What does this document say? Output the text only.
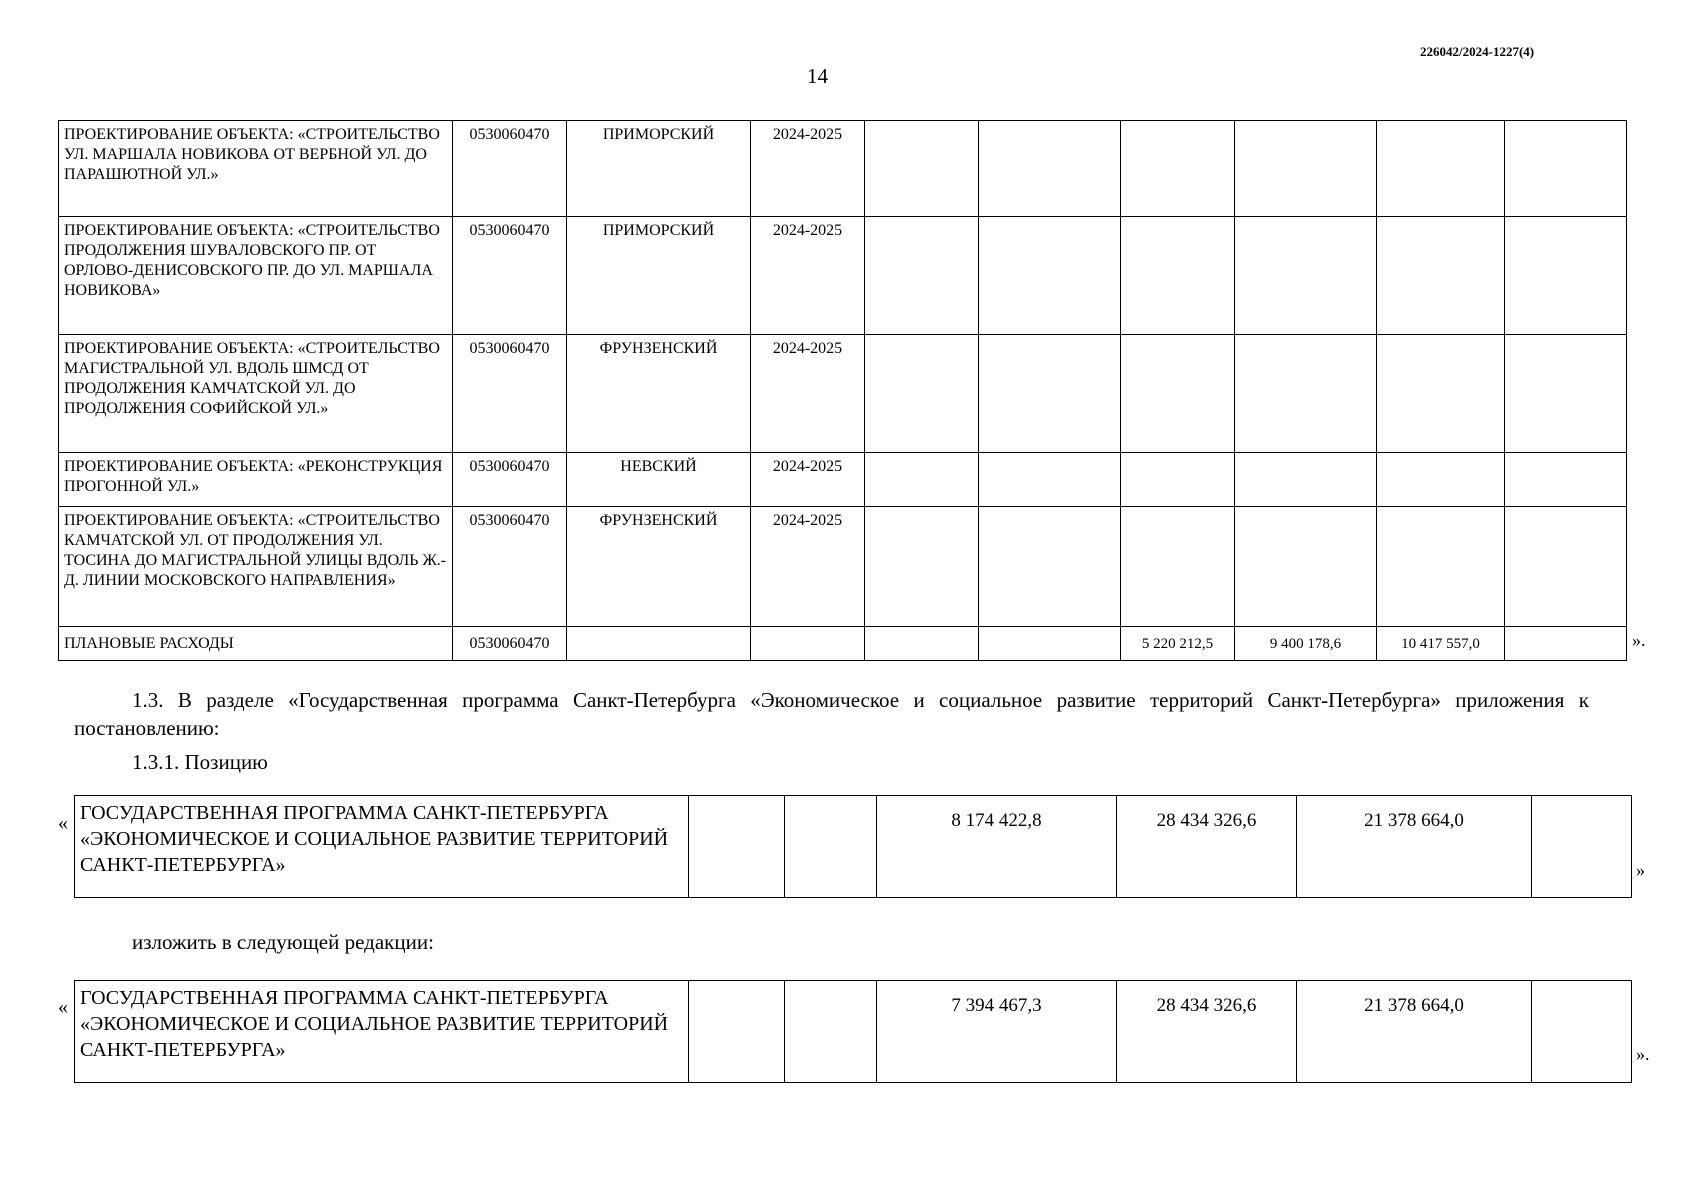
226042/2024-1227(4)
14
ПРОЕКТИРОВАНИЕ ОБЪЕКТА: «СТРОИТЕЛЬСТВО УЛ. МАРШАЛА НОВИКОВА ОТ ВЕРБНОЙ УЛ. ДО ПАРАШЮТНОЙ УЛ.»	0530060470	ПРИМОРСКИЙ	2024-2025						
ПРОЕКТИРОВАНИЕ ОБЪЕКТА: «СТРОИТЕЛЬСТВО ПРОДОЛЖЕНИЯ ШУВАЛОВСКОГО ПР. ОТ ОРЛОВО-ДЕНИСОВСКОГО ПР. ДО УЛ. МАРШАЛА НОВИКОВА»	0530060470	ПРИМОРСКИЙ	2024-2025						
ПРОЕКТИРОВАНИЕ ОБЪЕКТА: «СТРОИТЕЛЬСТВО МАГИСТРАЛЬНОЙ УЛ. ВДОЛЬ ШМСД ОТ ПРОДОЛЖЕНИЯ КАМЧАТСКОЙ УЛ. ДО ПРОДОЛЖЕНИЯ СОФИЙСКОЙ УЛ.»	0530060470	ФРУНЗЕНСКИЙ	2024-2025						
ПРОЕКТИРОВАНИЕ ОБЪЕКТА: «РЕКОНСТРУКЦИЯ ПРОГОННОЙ УЛ.»	0530060470	НЕВСКИЙ	2024-2025						
ПРОЕКТИРОВАНИЕ ОБЪЕКТА: «СТРОИТЕЛЬСТВО КАМЧАТСКОЙ УЛ. ОТ ПРОДОЛЖЕНИЯ УЛ. ТОСИНА ДО МАГИСТРАЛЬНОЙ УЛИЦЫ ВДОЛЬ Ж.-Д. ЛИНИИ МОСКОВСКОГО НАПРАВЛЕНИЯ»	0530060470	ФРУНЗЕНСКИЙ	2024-2025						
ПЛАНОВЫЕ РАСХОДЫ	0530060470					5 220 212,5	9 400 178,6	10 417 557,0		».
1.3. В разделе «Государственная программа Санкт-Петербурга «Экономическое и социальное развитие территорий Санкт-Петербурга» приложения к постановлению:
1.3.1. Позицию
« ГОСУДАРСТВЕННАЯ ПРОГРАММА САНКТ-ПЕТЕРБУРГА «ЭКОНОМИЧЕСКОЕ И СОЦИАЛЬНОЕ РАЗВИТИЕ ТЕРРИТОРИЙ САНКТ-ПЕТЕРБУРГА»			8 174 422,8	28 434 326,6	21 378 664,0	
»
изложить в следующей редакции:
« ГОСУДАРСТВЕННАЯ ПРОГРАММА САНКТ-ПЕТЕРБУРГА «ЭКОНОМИЧЕСКОЕ И СОЦИАЛЬНОЕ РАЗВИТИЕ ТЕРРИТОРИЙ САНКТ-ПЕТЕРБУРГА»			7 394 467,3	28 434 326,6	21 378 664,0	
».
